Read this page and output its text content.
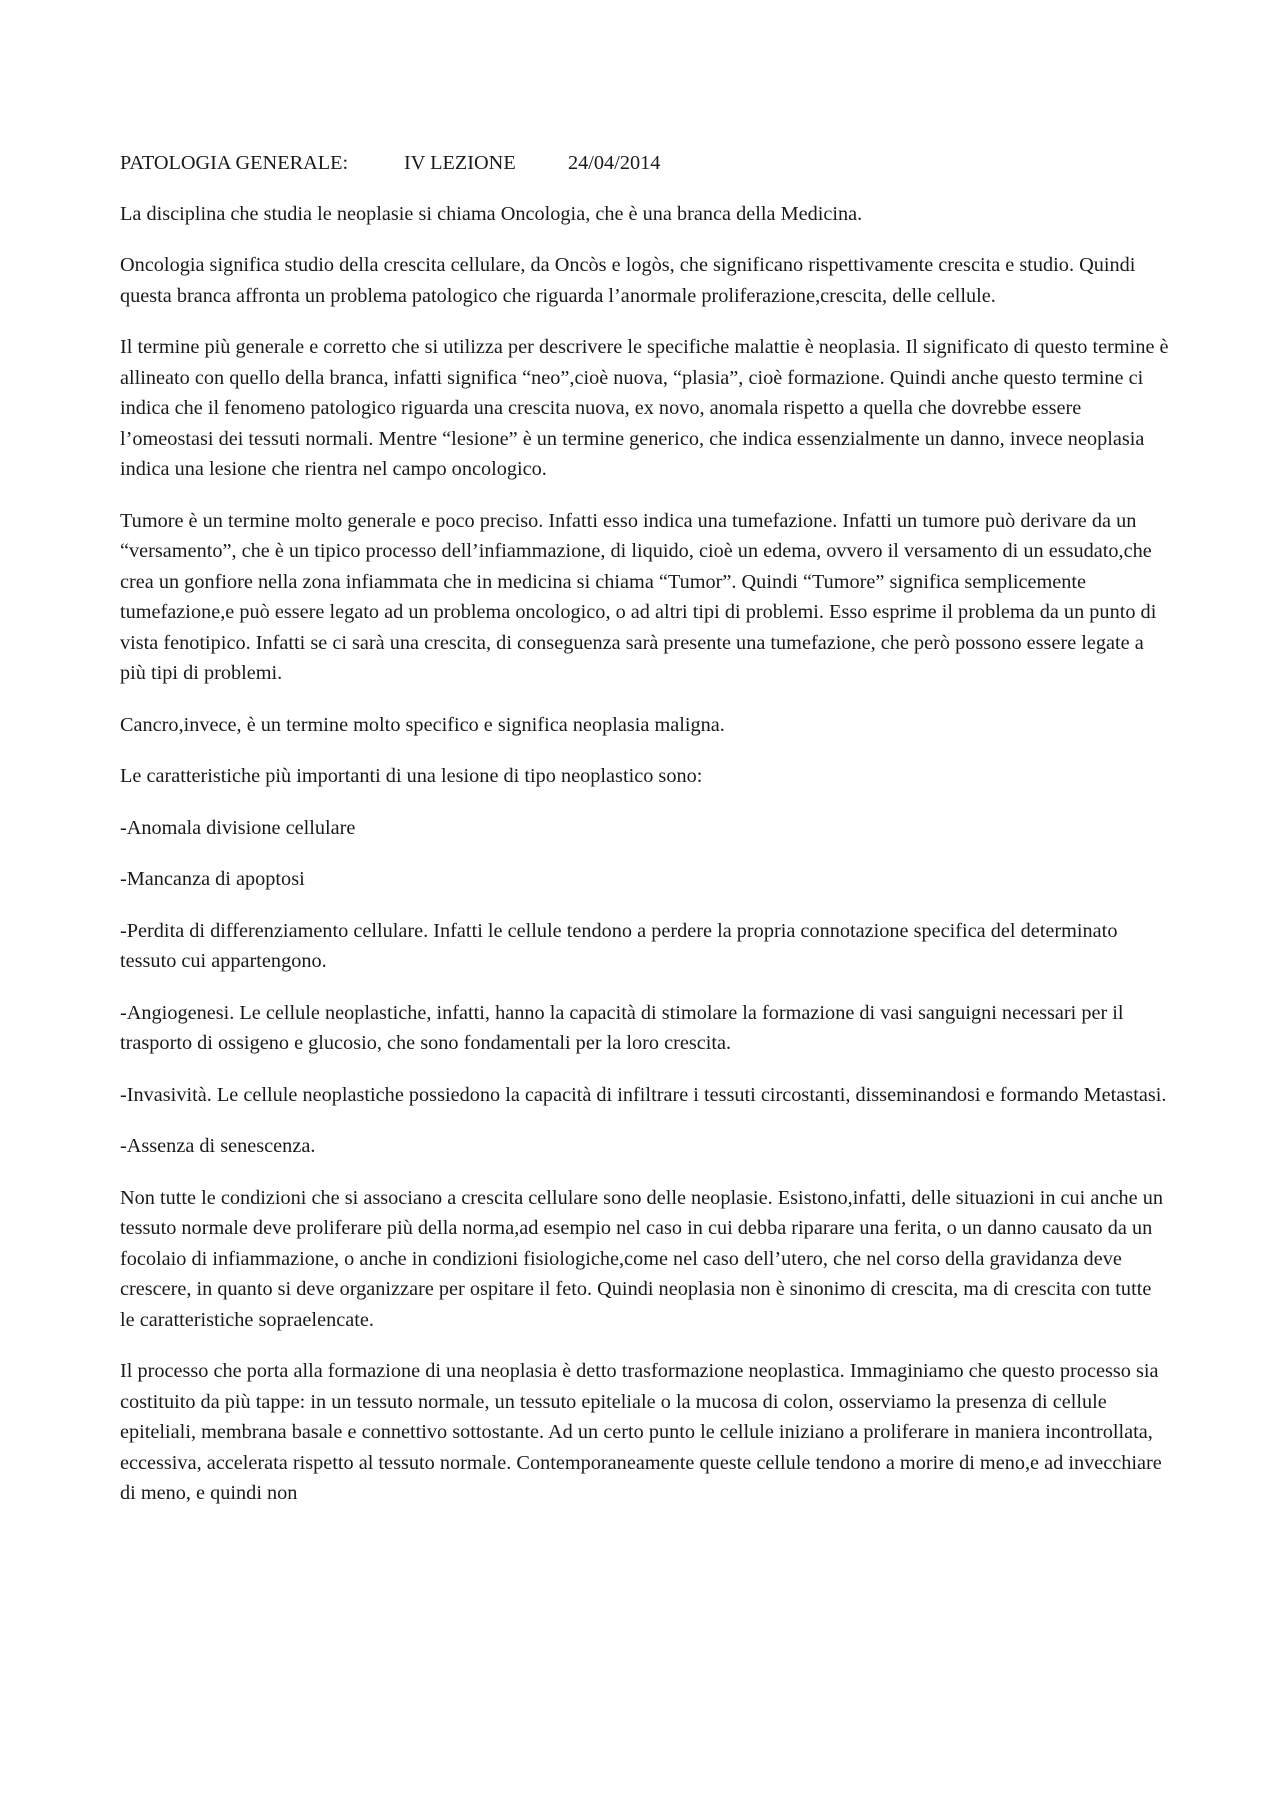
PATOLOGIA GENERALE:	IV LEZIONE	24/04/2014

La disciplina che studia le neoplasie si chiama Oncologia, che è una branca della Medicina.

Oncologia significa studio della crescita cellulare, da Oncòs e logòs, che significano rispettivamente crescita e studio. Quindi questa branca affronta un problema patologico che riguarda l’anormale proliferazione,crescita, delle cellule.

Il termine più generale e corretto che si utilizza per descrivere le specifiche malattie è neoplasia. Il significato di questo termine è allineato con quello della branca, infatti significa “neo”,cioè nuova, “plasia”, cioè formazione. Quindi anche questo termine ci indica che il fenomeno patologico riguarda una crescita nuova, ex novo, anomala rispetto a quella che dovrebbe essere l’omeostasi dei tessuti normali. Mentre “lesione” è un termine generico, che indica essenzialmente un danno, invece neoplasia indica una lesione che rientra nel campo oncologico.

Tumore è un termine molto generale e poco preciso. Infatti esso indica una tumefazione. Infatti un tumore può derivare da un “versamento”, che è un tipico processo dell’infiammazione, di liquido, cioè un edema, ovvero il versamento di un essudato,che crea un gonfiore nella zona infiammata che in medicina si chiama “Tumor”. Quindi “Tumore” significa semplicemente tumefazione,e può essere legato ad un problema oncologico, o ad altri tipi di problemi. Esso esprime il problema da un punto di vista fenotipico. Infatti se ci sarà una crescita, di conseguenza sarà presente una tumefazione, che però possono essere legate a più tipi di problemi.

Cancro,invece, è un termine molto specifico e significa neoplasia maligna.

Le caratteristiche più importanti di una lesione di tipo neoplastico sono:

-Anomala divisione cellulare

-Mancanza di apoptosi

-Perdita di differenziamento cellulare. Infatti le cellule tendono a perdere la propria connotazione specifica del determinato tessuto cui appartengono.

-Angiogenesi. Le cellule neoplastiche, infatti, hanno la capacità di stimolare la formazione di vasi sanguigni necessari per il trasporto di ossigeno e glucosio, che sono fondamentali per la loro crescita.

-Invasività. Le cellule neoplastiche possiedono la capacità di infiltrare i tessuti circostanti, disseminandosi e formando Metastasi.

-Assenza di senescenza.

Non tutte le condizioni che si associano a crescita cellulare sono delle neoplasie. Esistono,infatti, delle situazioni in cui anche un tessuto normale deve proliferare più della norma,ad esempio nel caso in cui debba riparare una ferita, o un danno causato da un focolaio di infiammazione, o anche in condizioni fisiologiche,come nel caso dell’utero, che nel corso della gravidanza deve crescere, in quanto si deve organizzare per ospitare il feto. Quindi neoplasia non è sinonimo di crescita, ma di crescita con tutte le caratteristiche sopraelencate.

Il processo che porta alla formazione di una neoplasia è detto trasformazione neoplastica. Immaginiamo che questo processo sia costituito da più tappe: in un tessuto normale, un tessuto epiteliale o la mucosa di colon, osserviamo la presenza di cellule epiteliali, membrana basale e connettivo sottostante. Ad un certo punto le cellule iniziano a proliferare in maniera incontrollata, eccessiva, accelerata rispetto al tessuto normale. Contemporaneamente queste cellule tendono a morire di meno,e ad invecchiare di meno, e quindi non
